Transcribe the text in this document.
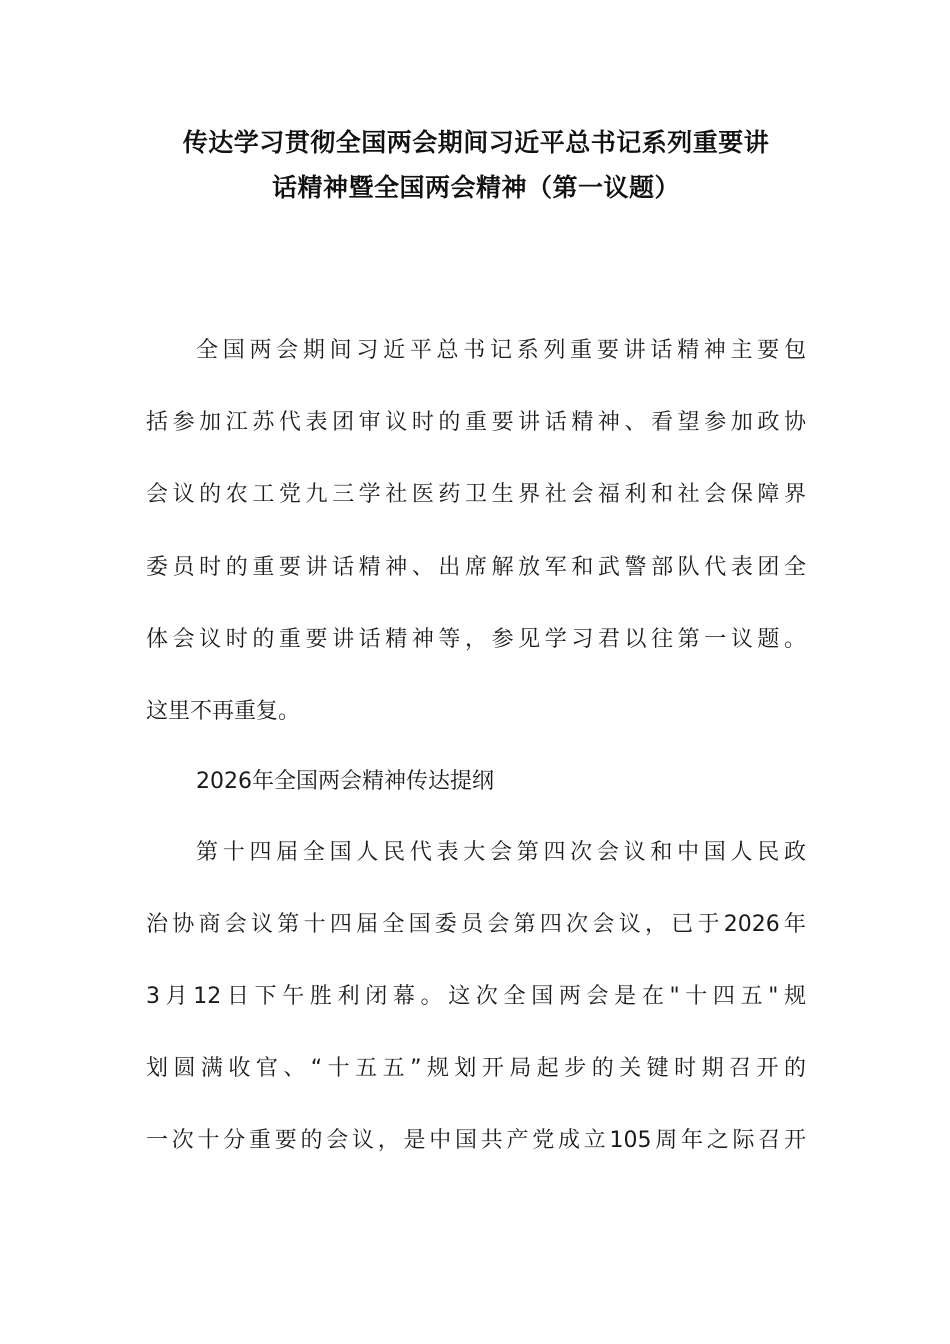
传达学习贯彻全国两会期间习近平总书记系列重要讲
话精神暨全国两会精神（第一议题）
全国两会期间习近平总书记系列重要讲话精神主要包
括参加江苏代表团审议时的重要讲话精神、看望参加政协
会议的农工党九三学社医药卫生界社会福利和社会保障界
委员时的重要讲话精神、出席解放军和武警部队代表团全
体会议时的重要讲话精神等，参见学习君以往第一议题。
这里不再重复。
2026年全国两会精神传达提纲
第十四届全国人民代表大会第四次会议和中国人民政
治协商会议第十四届全国委员会第四次会议，已于2026年
3月12日下午胜利闭幕。这次全国两会是在"十四五"规
划圆满收官、“十五五”规划开局起步的关键时期召开的
一次十分重要的会议，是中国共产党成立105周年之际召开
